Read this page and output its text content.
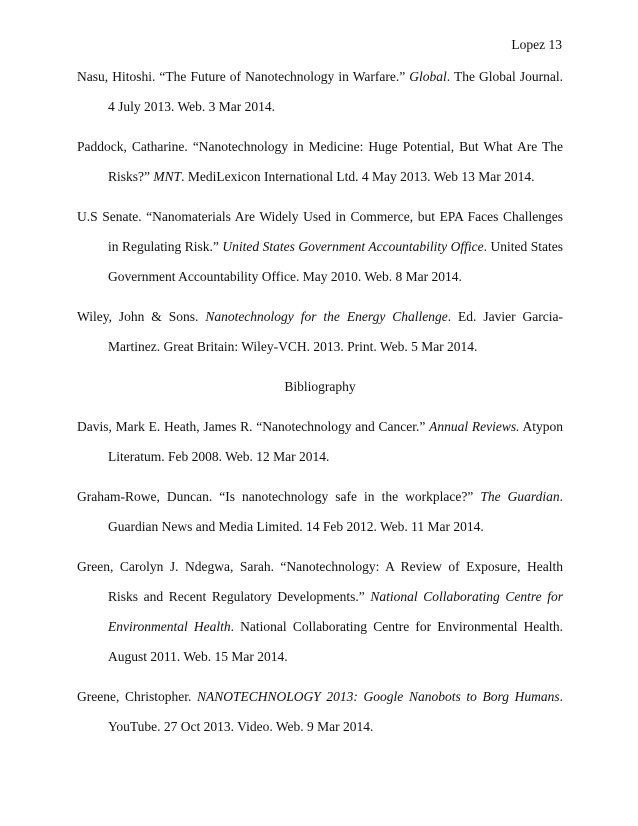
Lopez 13

Nasu, Hitoshi. “The Future of Nanotechnology in Warfare.” Global. The Global Journal. 4 July 2013. Web. 3 Mar 2014.

Paddock, Catharine. “Nanotechnology in Medicine: Huge Potential, But What Are The Risks?” MNT. MediLexicon International Ltd. 4 May 2013. Web 13 Mar 2014.

U.S Senate. “Nanomaterials Are Widely Used in Commerce, but EPA Faces Challenges in Regulating Risk.” United States Government Accountability Office. United States Government Accountability Office. May 2010. Web. 8 Mar 2014.

Wiley, John & Sons. Nanotechnology for the Energy Challenge. Ed. Javier Garcia-Martinez. Great Britain: Wiley-VCH. 2013. Print. Web. 5 Mar 2014.

Bibliography

Davis, Mark E. Heath, James R. “Nanotechnology and Cancer.” Annual Reviews. Atypon Literatum. Feb 2008. Web. 12 Mar 2014.

Graham-Rowe, Duncan. “Is nanotechnology safe in the workplace?” The Guardian. Guardian News and Media Limited. 14 Feb 2012. Web. 11 Mar 2014.

Green, Carolyn J. Ndegwa, Sarah. “Nanotechnology: A Review of Exposure, Health Risks and Recent Regulatory Developments.” National Collaborating Centre for Environmental Health. National Collaborating Centre for Environmental Health. August 2011. Web. 15 Mar 2014.

Greene, Christopher. NANOTECHNOLOGY 2013: Google Nanobots to Borg Humans. YouTube. 27 Oct 2013. Video. Web. 9 Mar 2014.
